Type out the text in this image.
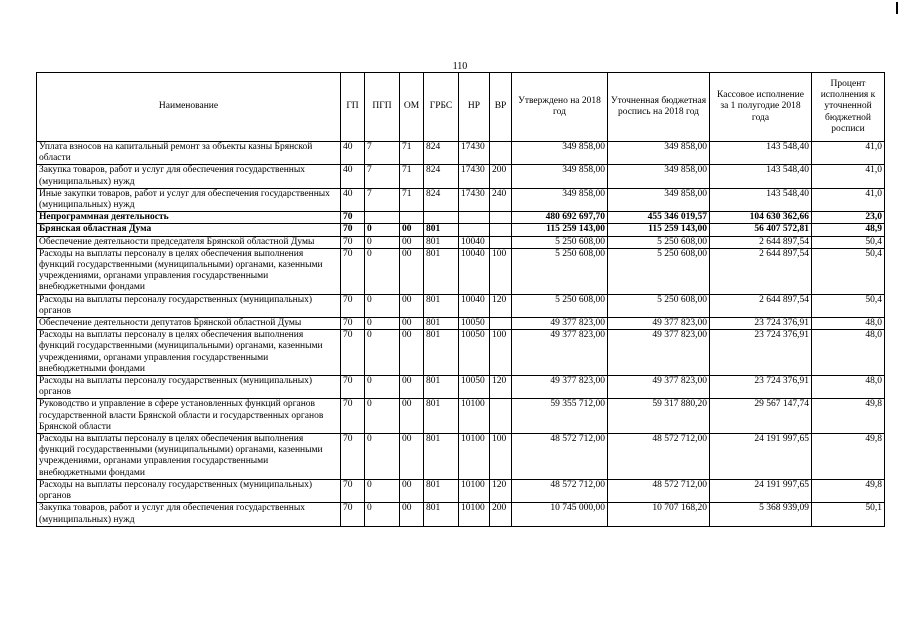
110
Наименование	ГП	ПГП	ОМ	ГРБС	НР	ВР	Утверждено на 2018 год	Уточненная бюджетная роспись на 2018 год	Кассовое исполнение за 1 полугодие 2018 года	Процент исполнения к уточненной бюджетной росписи
Уплата взносов на капитальный ремонт за объекты казны Брянской области	40	7	71	824	17430		349 858,00	349 858,00	143 548,40	41,0
Закупка товаров, работ и услуг для обеспечения государственных (муниципальных) нужд	40	7	71	824	17430	200	349 858,00	349 858,00	143 548,40	41,0
Иные закупки товаров, работ и услуг для обеспечения государственных (муниципальных) нужд	40	7	71	824	17430	240	349 858,00	349 858,00	143 548,40	41,0
Непрограммная деятельность	70						480 692 697,70	455 346 019,57	104 630 362,66	23,0
Брянская областная Дума	70	0	00	801			115 259 143,00	115 259 143,00	56 407 572,81	48,9
Обеспечение деятельности председателя Брянской областной Думы	70	0	00	801	10040		5 250 608,00	5 250 608,00	2 644 897,54	50,4
Расходы на выплаты персоналу в целях обеспечения выполнения функций государственными (муниципальными) органами, казенными учреждениями, органами управления государственными внебюджетными фондами	70	0	00	801	10040	100	5 250 608,00	5 250 608,00	2 644 897,54	50,4
Расходы на выплаты персоналу государственных (муниципальных) органов	70	0	00	801	10040	120	5 250 608,00	5 250 608,00	2 644 897,54	50,4
Обеспечение деятельности депутатов Брянской областной Думы	70	0	00	801	10050		49 377 823,00	49 377 823,00	23 724 376,91	48,0
Расходы на выплаты персоналу в целях обеспечения выполнения функций государственными (муниципальными) органами, казенными учреждениями, органами управления государственными внебюджетными фондами	70	0	00	801	10050	100	49 377 823,00	49 377 823,00	23 724 376,91	48,0
Расходы на выплаты персоналу государственных (муниципальных) органов	70	0	00	801	10050	120	49 377 823,00	49 377 823,00	23 724 376,91	48,0
Руководство и управление в сфере установленных функций органов государственной власти Брянской области и государственных органов Брянской области	70	0	00	801	10100		59 355 712,00	59 317 880,20	29 567 147,74	49,8
Расходы на выплаты персоналу в целях обеспечения выполнения функций государственными (муниципальными) органами, казенными учреждениями, органами управления государственными внебюджетными фондами	70	0	00	801	10100	100	48 572 712,00	48 572 712,00	24 191 997,65	49,8
Расходы на выплаты персоналу государственных (муниципальных) органов	70	0	00	801	10100	120	48 572 712,00	48 572 712,00	24 191 997,65	49,8
Закупка товаров, работ и услуг для обеспечения государственных (муниципальных) нужд	70	0	00	801	10100	200	10 745 000,00	10 707 168,20	5 368 939,09	50,1
